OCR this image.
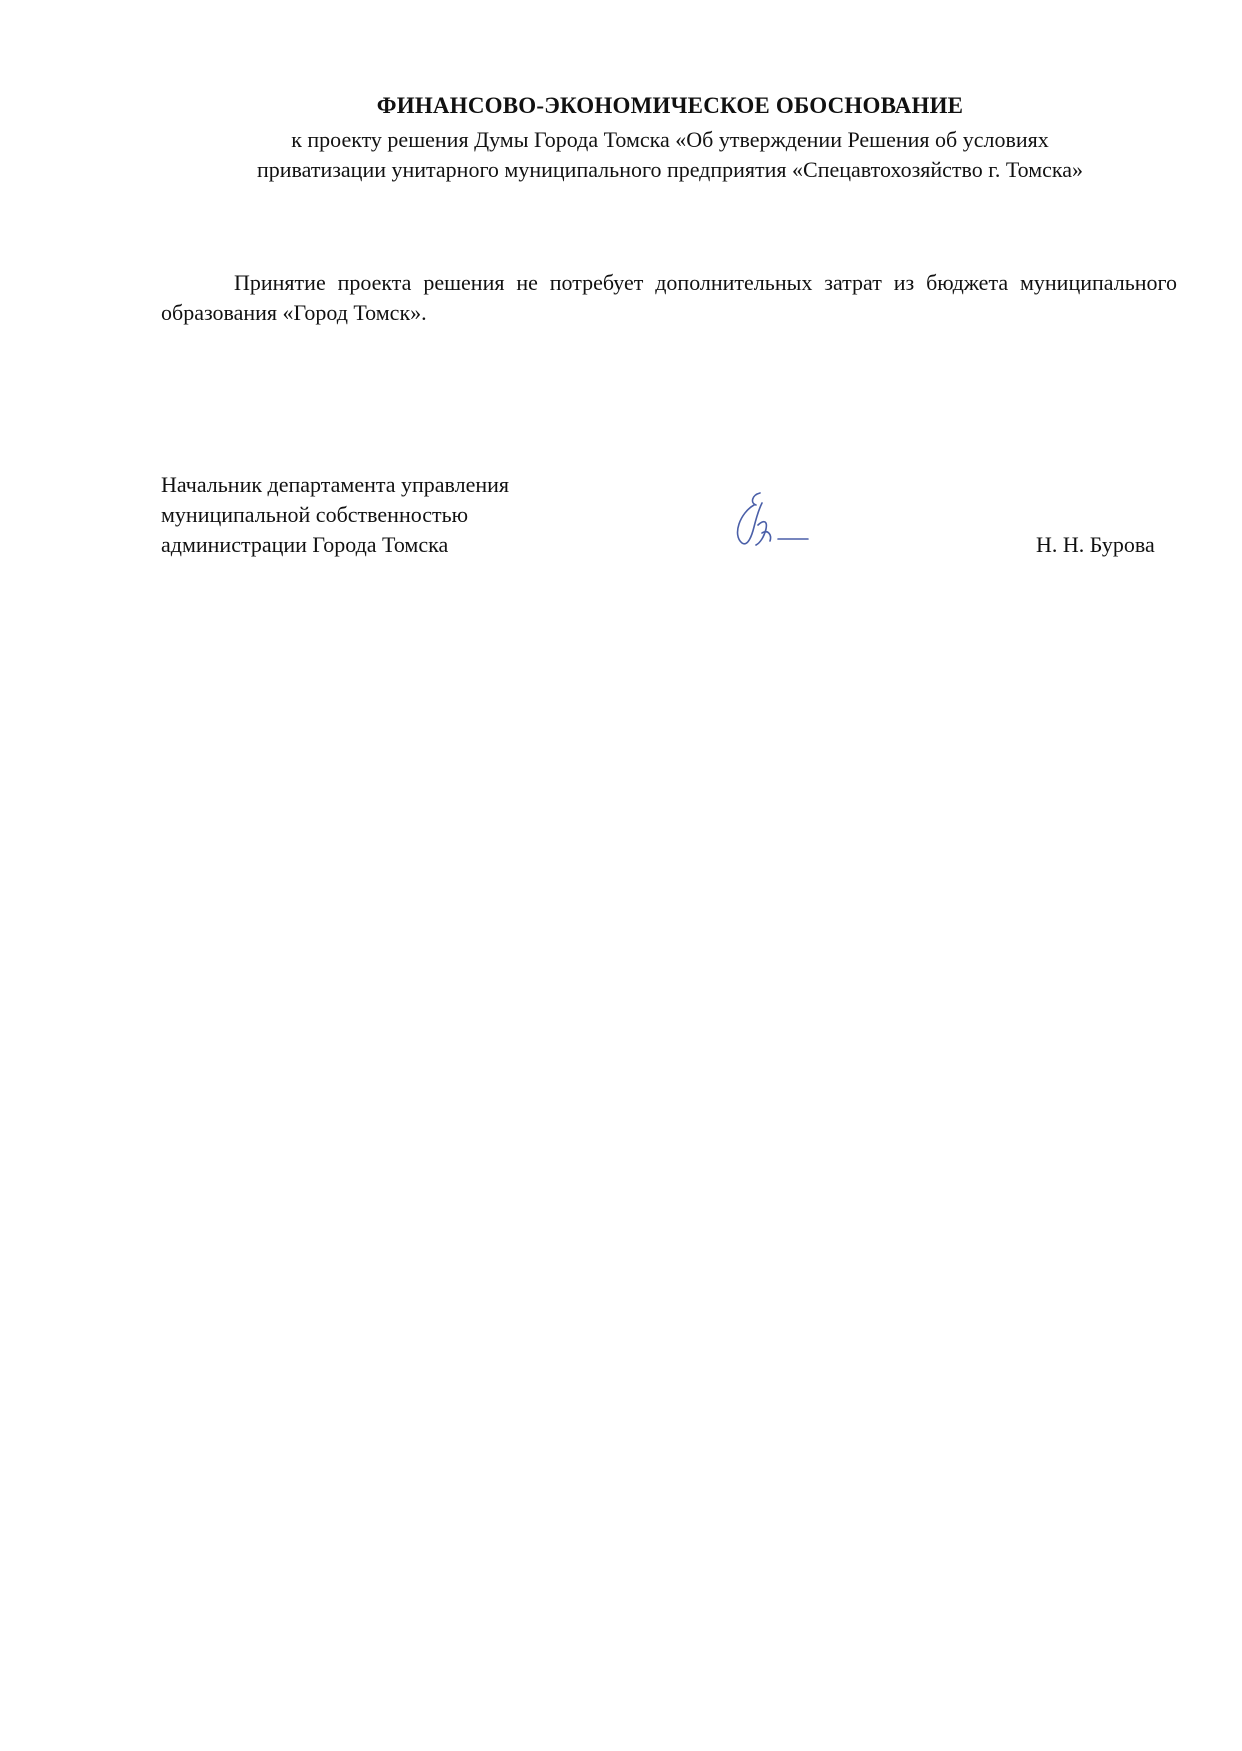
ФИНАНСОВО-ЭКОНОМИЧЕСКОЕ ОБОСНОВАНИЕ
к проекту решения Думы Города Томска «Об утверждении Решения об условиях
приватизации унитарного муниципального предприятия «Спецавтохозяйство г. Томска»
Принятие проекта решения не потребует дополнительных затрат из бюджета муниципального образования «Город Томск».
Начальник департамента управления
муниципальной собственностью
администрации Города Томска	Н. Н. Бурова
